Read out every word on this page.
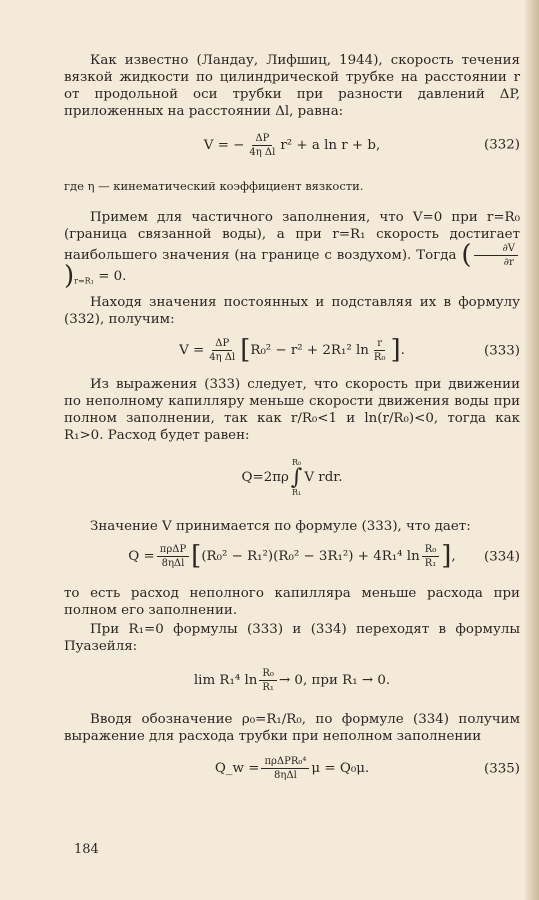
Как известно (Ландау, Лифшиц, 1944), скорость течения вязкой жидкости по цилиндрической трубке на расстоянии r от продольной оси трубки при разности давлений ΔP, приложенных на расстоянии Δl, равна:

V = − $\frac{\Delta P}{\text{4η Δl}} r^2 + a$ ln r + b,	(332)

где η — кинематический коэффициент вязкости.

Примем для частичного заполнения, что V=0 при r=R₀ (граница связанной воды), а при r=R₁ скорость достигает наибольшего значения (на границе с воздухом). Тогда ( $\frac{\partial V}{\partial r}$
)$_{r=R_1} = 0$.

Находя значения постоянных и подставляя их в формулу (332), получим:

$V = \frac{\Delta P}{\text{4η Δl}}$ [ R₀² − r² + 2R₁² $\ln \frac{r}{\text{R₀}}$ ] .	(333)

Из выражения (333) следует, что скорость при движении по неполному капилляру меньше скорости движения воды при полном заполнении, так как r/R₀<1 и ln(r/R₀)<0, тогда как R₁>0. Расход будет равен:

Q=2πρ
R₀
∫
R₁
V rdr.

Значение V принимается по формуле (333), что дает:

$Q = \frac{\text{πρΔP}}{\text{8ηΔl}}$ [ (R₀² − R₁²)(R₀² − 3R₁²) + 4R₁⁴ $\ln \frac{\text{R₀}}{\text{R₁}}$ ] , (334)

то есть расход неполного капилляра меньше расхода при полном его заполнении.

При R₁=0 формулы (333) и (334) переходят в формулы Пуазейля:

lim R₁⁴ $\ln \frac{\text{R₀}}{\text{R₁}} \to 0$, при R₁ → 0.

Вводя обозначение ρ₀=R₁/R₀, по формуле (334) получим выражение для расхода трубки при неполном заполнении

Q_w = $\frac{\text{πρΔPR₀⁴}}{\text{8ηΔl}}$ μ = Q₀μ.	(335)
184
